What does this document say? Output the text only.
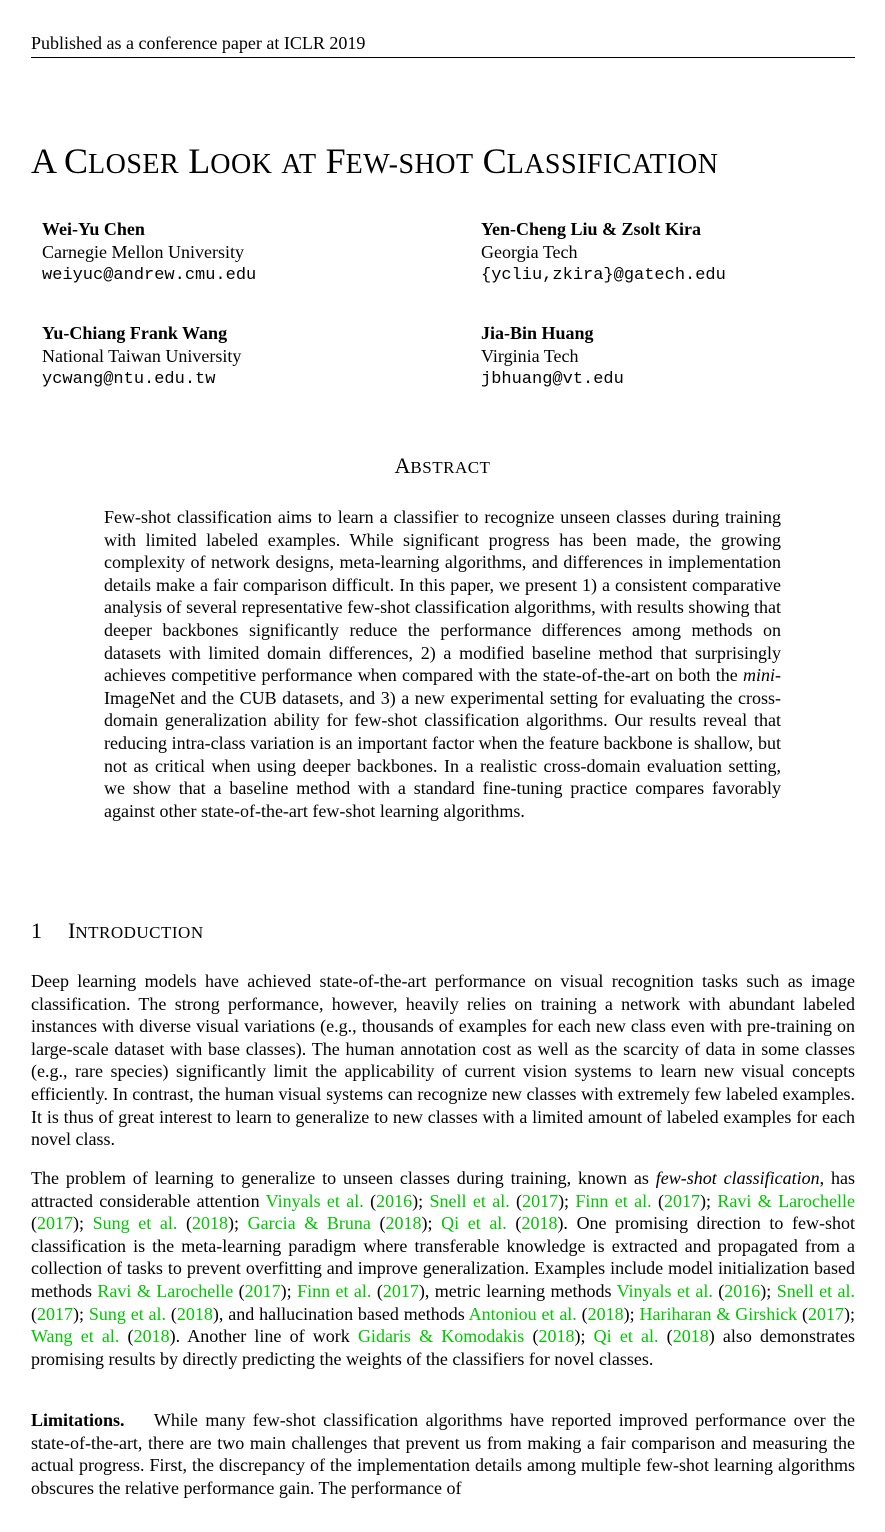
Published as a conference paper at ICLR 2019
A CLOSER LOOK AT FEW-SHOT CLASSIFICATION
Wei-Yu Chen
Carnegie Mellon University
weiyuc@andrew.cmu.edu
Yen-Cheng Liu & Zsolt Kira
Georgia Tech
{ycliu,zkira}@gatech.edu
Yu-Chiang Frank Wang
National Taiwan University
ycwang@ntu.edu.tw
Jia-Bin Huang
Virginia Tech
jbhuang@vt.edu
ABSTRACT
Few-shot classification aims to learn a classifier to recognize unseen classes during training with limited labeled examples. While significant progress has been made, the growing complexity of network designs, meta-learning algorithms, and differences in implementation details make a fair comparison difficult. In this paper, we present 1) a consistent comparative analysis of several representative few-shot classification algorithms, with results showing that deeper backbones significantly reduce the performance differences among methods on datasets with limited domain differences, 2) a modified baseline method that surprisingly achieves competitive performance when compared with the state-of-the-art on both the mini-ImageNet and the CUB datasets, and 3) a new experimental setting for evaluating the cross-domain generalization ability for few-shot classification algorithms. Our results reveal that reducing intra-class variation is an important factor when the feature backbone is shallow, but not as critical when using deeper backbones. In a realistic cross-domain evaluation setting, we show that a baseline method with a standard fine-tuning practice compares favorably against other state-of-the-art few-shot learning algorithms.
1 INTRODUCTION

Deep learning models have achieved state-of-the-art performance on visual recognition tasks such as image classification. The strong performance, however, heavily relies on training a network with abundant labeled instances with diverse visual variations (e.g., thousands of examples for each new class even with pre-training on large-scale dataset with base classes). The human annotation cost as well as the scarcity of data in some classes (e.g., rare species) significantly limit the applicability of current vision systems to learn new visual concepts efficiently. In contrast, the human visual systems can recognize new classes with extremely few labeled examples. It is thus of great interest to learn to generalize to new classes with a limited amount of labeled examples for each novel class.

The problem of learning to generalize to unseen classes during training, known as few-shot classification, has attracted considerable attention Vinyals et al. (2016); Snell et al. (2017); Finn et al. (2017); Ravi & Larochelle (2017); Sung et al. (2018); Garcia & Bruna (2018); Qi et al. (2018). One promising direction to few-shot classification is the meta-learning paradigm where transferable knowledge is extracted and propagated from a collection of tasks to prevent overfitting and improve generalization. Examples include model initialization based methods Ravi & Larochelle (2017); Finn et al. (2017), metric learning methods Vinyals et al. (2016); Snell et al. (2017); Sung et al. (2018), and hallucination based methods Antoniou et al. (2018); Hariharan & Girshick (2017); Wang et al. (2018). Another line of work Gidaris & Komodakis (2018); Qi et al. (2018) also demonstrates promising results by directly predicting the weights of the classifiers for novel classes.

Limitations. While many few-shot classification algorithms have reported improved performance over the state-of-the-art, there are two main challenges that prevent us from making a fair comparison and measuring the actual progress. First, the discrepancy of the implementation details among multiple few-shot learning algorithms obscures the relative performance gain. The performance of
